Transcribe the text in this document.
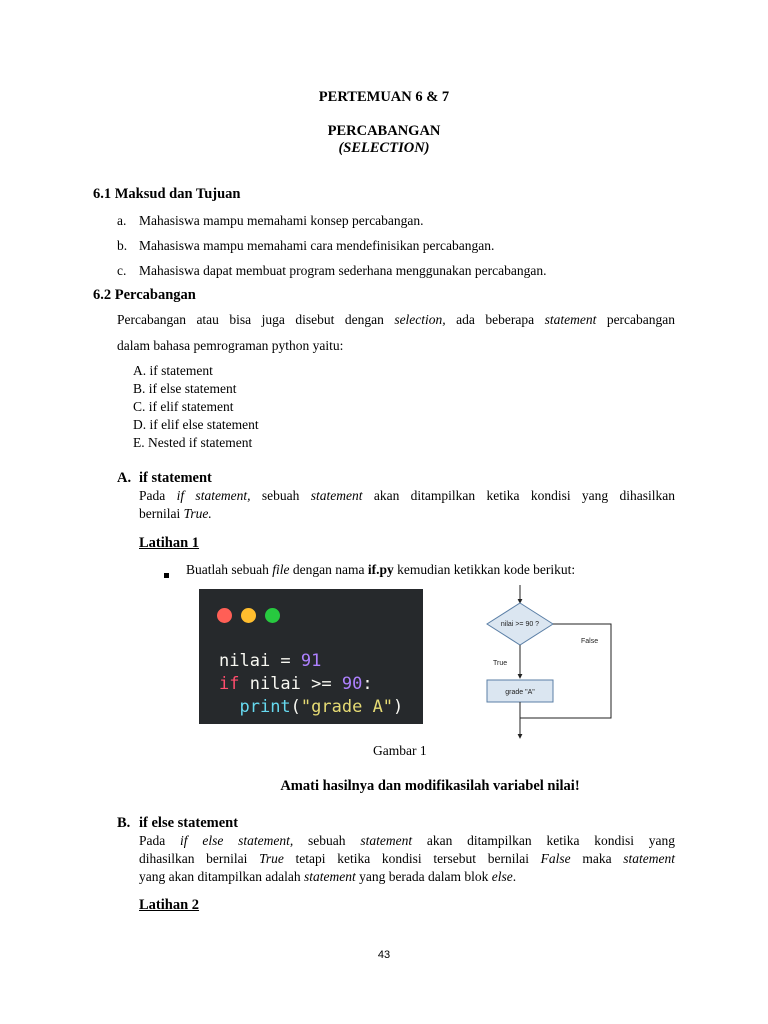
PERTEMUAN 6 & 7
PERCABANGAN
(SELECTION)
6.1 Maksud dan Tujuan
a. Mahasiswa mampu memahami konsep percabangan.
b. Mahasiswa mampu memahami cara mendefinisikan percabangan.
c. Mahasiswa dapat membuat program sederhana menggunakan percabangan.
6.2 Percabangan
Percabangan atau bisa juga disebut dengan selection, ada beberapa statement percabangan
dalam bahasa pemrograman python yaitu:
A. if statement
B. if else statement
C. if elif statement
D. if elif else statement
E. Nested if statement
A. if statement
Pada if statement, sebuah statement akan ditampilkan ketika kondisi yang dihasilkan
bernilai True.
Latihan 1
Buatlah sebuah file dengan nama if.py kemudian ketikkan kode berikut:
nilai = 91
if nilai >= 90:
print("grade A")
nilai >= 90 ?
True
grade "A"
False
Gambar 1
Amati hasilnya dan modifikasilah variabel nilai!
B. if else statement
Pada if else statement, sebuah statement akan ditampilkan ketika kondisi yang
dihasilkan bernilai True tetapi ketika kondisi tersebut bernilai False maka statement
yang akan ditampilkan adalah statement yang berada dalam blok else.
Latihan 2
43
